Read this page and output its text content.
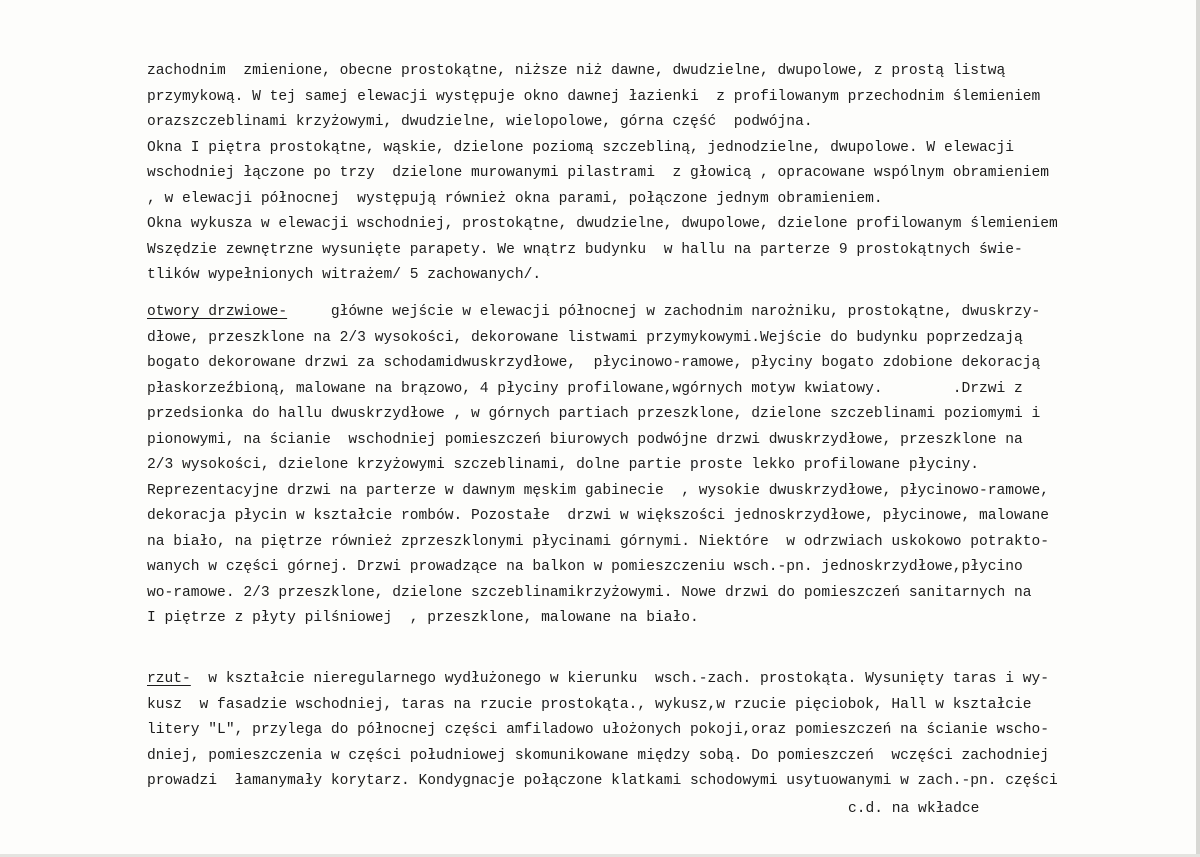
zachodnim  zmienione, obecne prostokątne, niższe niż dawne, dwudzielne, dwupolowe, z prostą listwą
przymykową. W tej samej elewacji występuje okno dawnej łazienki  z profilowanym przechodnim ślemieniem
orazszczeblinami krzyżowymi, dwudzielne, wielopolowe, górna część  podwójna.
Okna I piętra prostokątne, wąskie, dzielone poziomą szczebliną, jednodzielne, dwupolowe. W elewacji
wschodniej łączone po trzy  dzielone murowanymi pilastrami  z głowicą , opracowane wspólnym obramieniem
, w elewacji północnej  występują również okna parami, połączone jednym obramieniem.
Okna wykusza w elewacji wschodniej, prostokątne, dwudzielne, dwupolowe, dzielone profilowanym ślemieniem
Wszędzie zewnętrzne wysunięte parapety. We wnątrz budynku  w hallu na parterze 9 prostokątnych świe-
tlików wypełnionych witrażem/ 5 zachowanych/.
otwory drzwiowe-     główne wejście w elewacji północnej w zachodnim narożniku, prostokątne, dwuskrzy-
dłowe, przeszklone na 2/3 wysokości, dekorowane listwami przymykowymi.Wejście do budynku poprzedzają
bogato dekorowane drzwi za schodamidwuskrzydłowe,  płycinowo-ramowe, płyciny bogato zdobione dekoracją
płaskorzeźbioną, malowane na brązowo, 4 płyciny profilowane,wgórnych motyw kwiatowy.        .Drzwi z
przedsionka do hallu dwuskrzydłowe , w górnych partiach przeszklone, dzielone szczeblinami poziomymi i
pionowymi, na ścianie  wschodniej pomieszczeń biurowych podwójne drzwi dwuskrzydłowe, przeszklone na
2/3 wysokości, dzielone krzyżowymi szczeblinami, dolne partie proste lekko profilowane płyciny.
Reprezentacyjne drzwi na parterze w dawnym męskim gabinecie  , wysokie dwuskrzydłowe, płycinowo-ramowe,
dekoracja płycin w kształcie rombów. Pozostałe  drzwi w większości jednoskrzydłowe, płycinowe, malowane
na biało, na piętrze również zprzeszklonymi płycinami górnymi. Niektóre  w odrzwiach uskokowo potrakto-
wanych w części górnej. Drzwi prowadzące na balkon w pomieszczeniu wsch.-pn. jednoskrzydłowe,płycino
wo-ramowe. 2/3 przeszklone, dzielone szczeblinamikrzyżowymi. Nowe drzwi do pomieszczeń sanitarnych na
I piętrze z płyty pilśniowej  , przeszklone, malowane na biało.
rzut-  w kształcie nieregularnego wydłużonego w kierunku  wsch.-zach. prostokąta. Wysunięty taras i wy-
kusz  w fasadzie wschodniej, taras na rzucie prostokąta., wykusz,w rzucie pięciobok, Hall w kształcie
litery "L", przylega do północnej części amfiladowo ułożonych pokoji,oraz pomieszczeń na ścianie wscho-
dniej, pomieszczenia w części południowej skomunikowane między sobą. Do pomieszczeń  wczęści zachodniej
prowadzi  łamanymały korytarz. Kondygnacje połączone klatkami schodowymi usytuowanymi w zach.-pn. części
c.d. na wkładce
